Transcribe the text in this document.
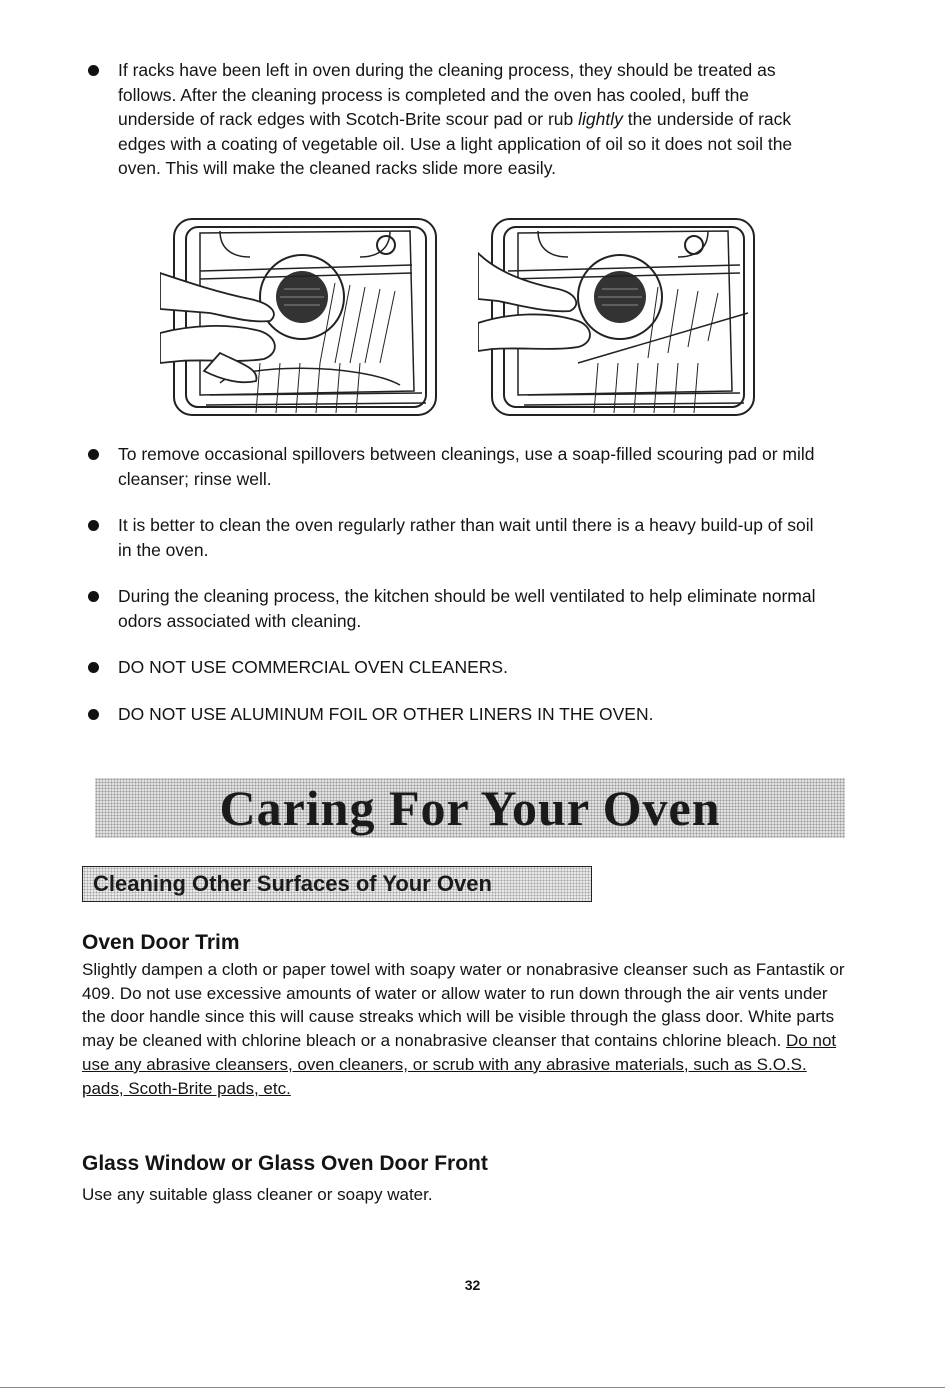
If racks have been left in oven during the cleaning process, they should be treated as follows. After the cleaning process is completed and the oven has cooled, buff the underside of rack edges with Scotch-Brite scour pad or rub lightly the underside of rack edges with a coating of vegetable oil. Use a light application of oil so it does not soil the oven. This will make the cleaned racks slide more easily.
To remove occasional spillovers between cleanings, use a soap-filled scouring pad or mild cleanser; rinse well.
It is better to clean the oven regularly rather than wait until there is a heavy build-up of soil in the oven.
During the cleaning process, the kitchen should be well ventilated to help eliminate normal odors associated with cleaning.
DO NOT USE COMMERCIAL OVEN CLEANERS.
DO NOT USE ALUMINUM FOIL OR OTHER LINERS IN THE OVEN.
Caring For Your Oven
Cleaning Other Surfaces of Your Oven
Oven Door Trim
Slightly dampen a cloth or paper towel with soapy water or nonabrasive cleanser such as Fantastik or 409. Do not use excessive amounts of water or allow water to run down through the air vents under the door handle since this will cause streaks which will be visible through the glass door. White parts may be cleaned with chlorine bleach or a nonabrasive cleanser that contains chlorine bleach. Do not use any abrasive cleansers, oven cleaners, or scrub with any abrasive materials, such as S.O.S. pads, Scoth-Brite pads, etc.
Glass Window or Glass Oven Door Front
Use any suitable glass cleaner or soapy water.
32
